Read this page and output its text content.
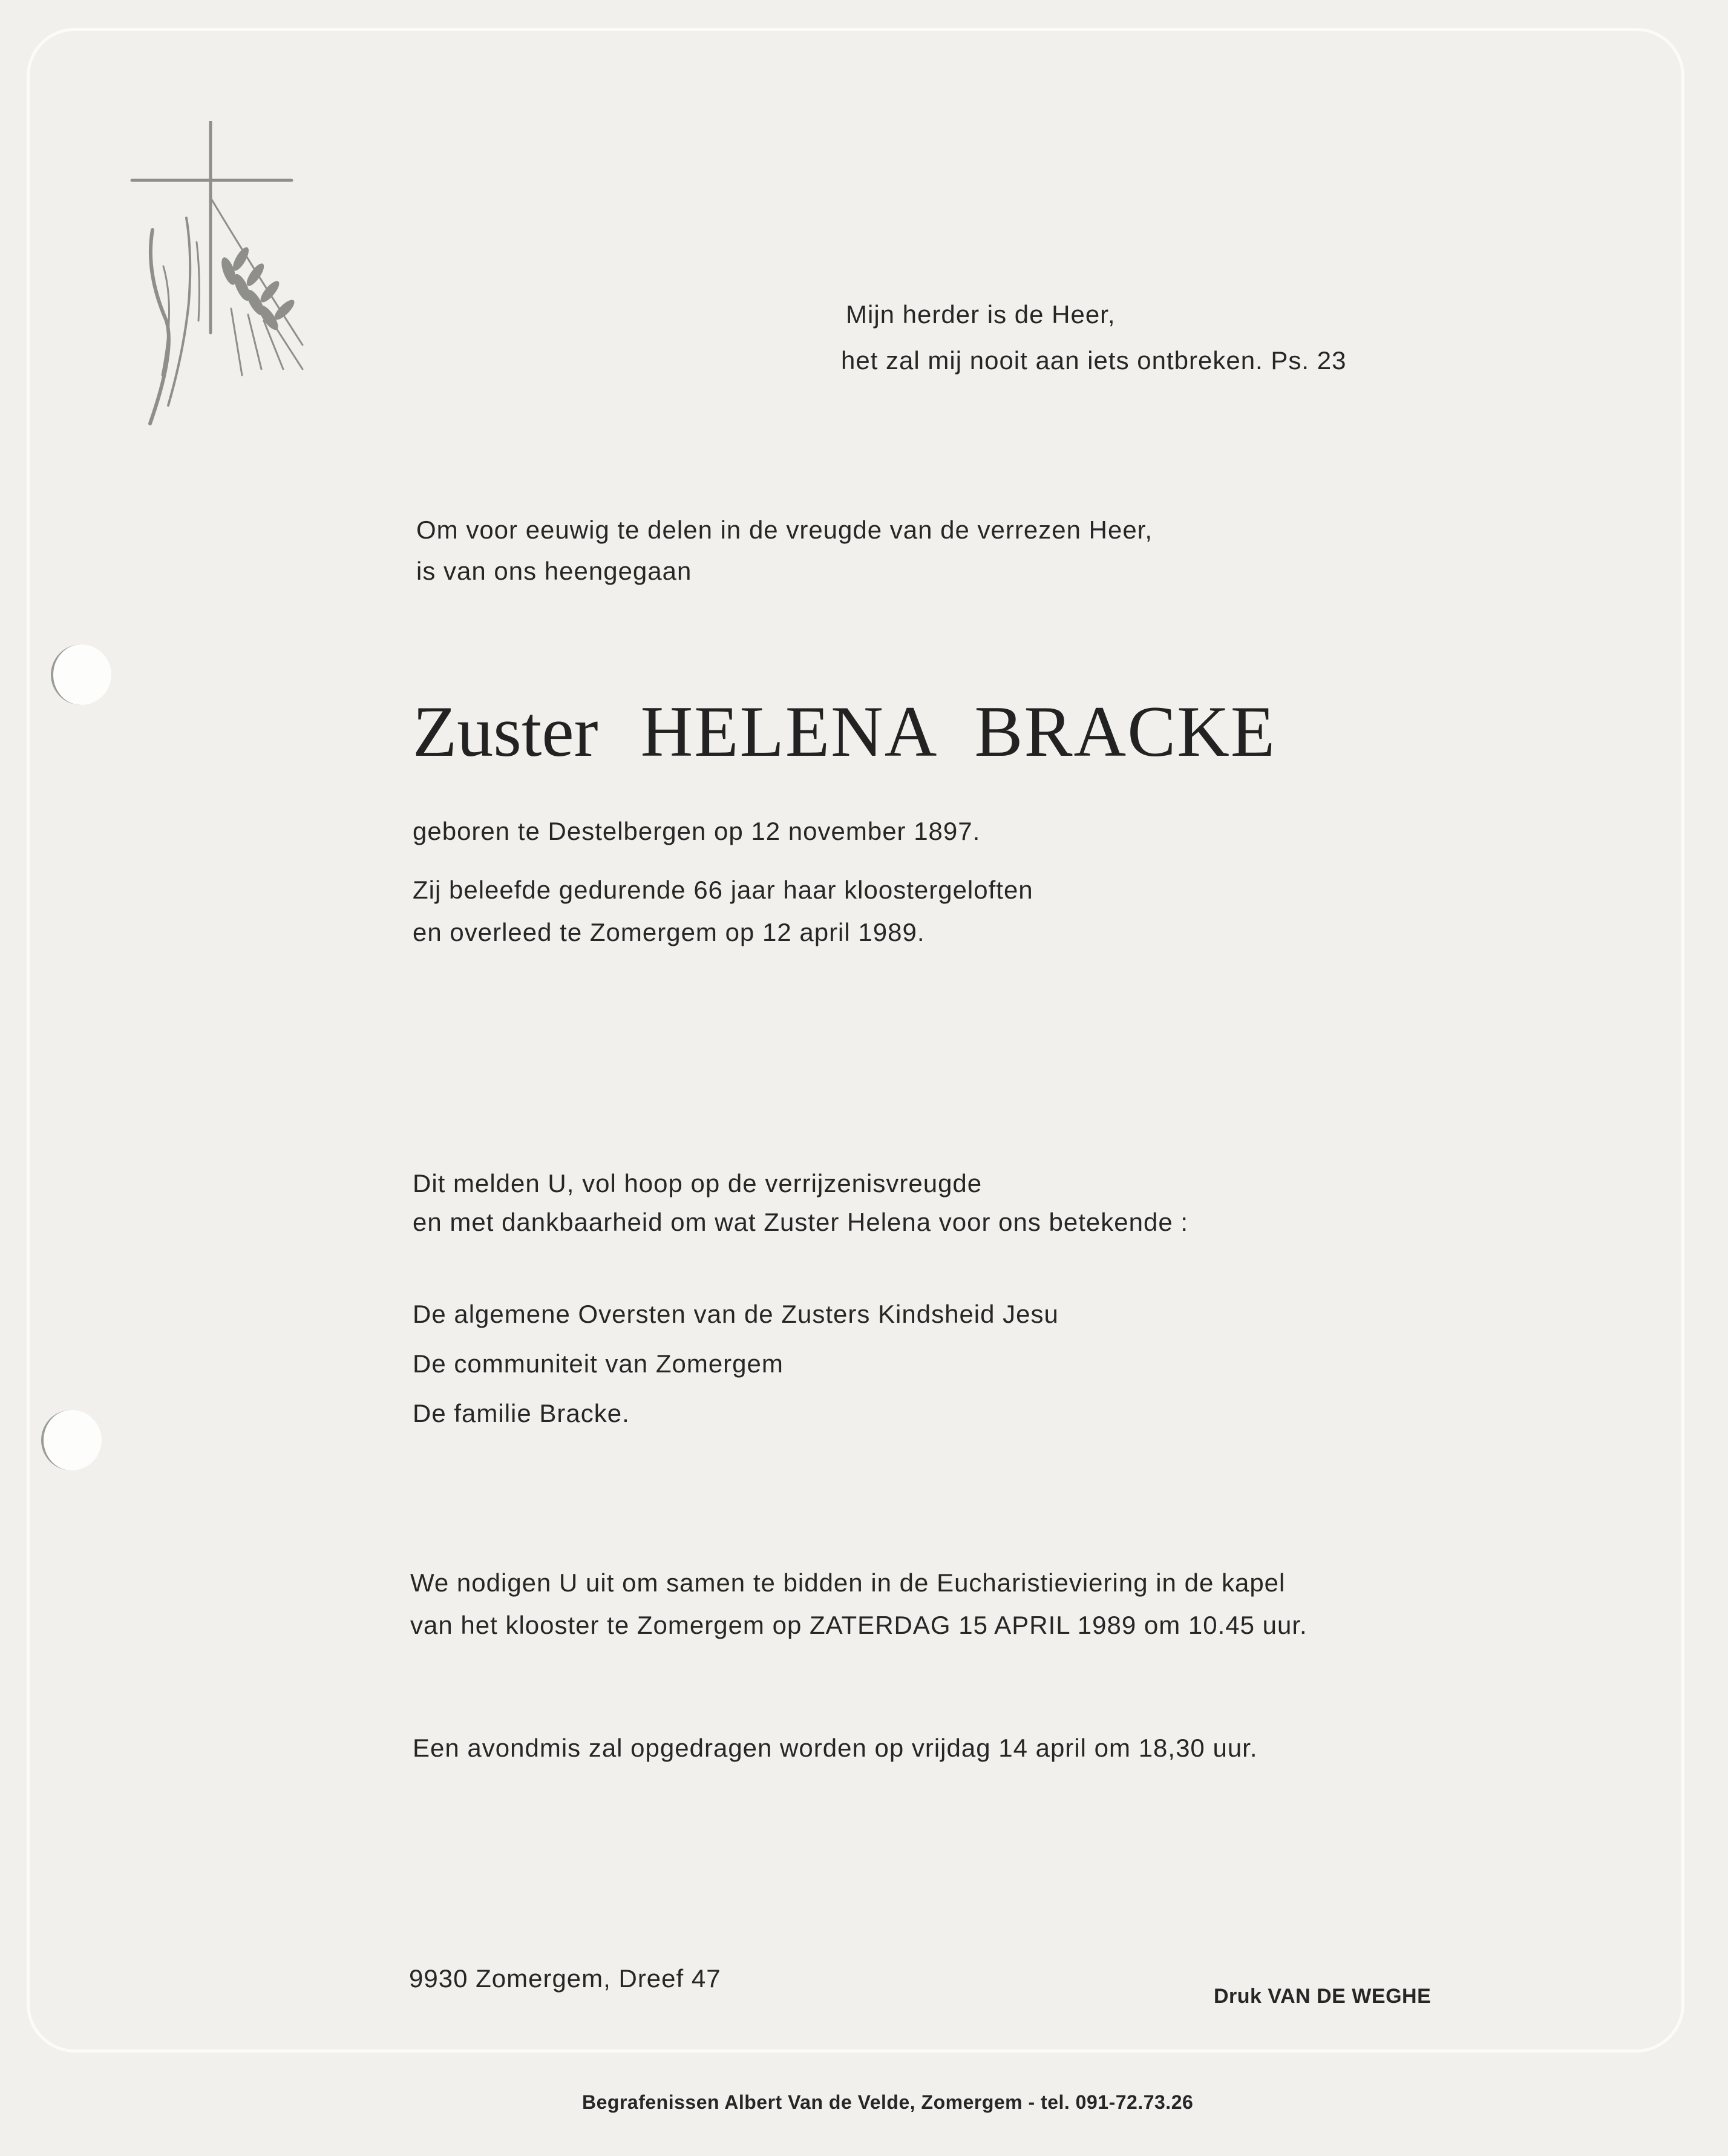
Mijn herder is de Heer,
het zal mij nooit aan iets ontbreken. Ps. 23
Om voor eeuwig te delen in de vreugde van de verrezen Heer,
is van ons heengegaan
Zuster HELENA BRACKE
geboren te Destelbergen op 12 november 1897.
Zij beleefde gedurende 66 jaar haar kloostergeloften
en overleed te Zomergem op 12 april 1989.
Dit melden U, vol hoop op de verrijzenisvreugde
en met dankbaarheid om wat Zuster Helena voor ons betekende :
De algemene Oversten van de Zusters Kindsheid Jesu
De communiteit van Zomergem
De familie Bracke.
We nodigen U uit om samen te bidden in de Eucharistieviering in de kapel
van het klooster te Zomergem op ZATERDAG 15 APRIL 1989 om 10.45 uur.
Een avondmis zal opgedragen worden op vrijdag 14 april om 18,30 uur.
9930 Zomergem, Dreef 47
Druk VAN DE WEGHE
Begrafenissen Albert Van de Velde, Zomergem - tel. 091-72.73.26
